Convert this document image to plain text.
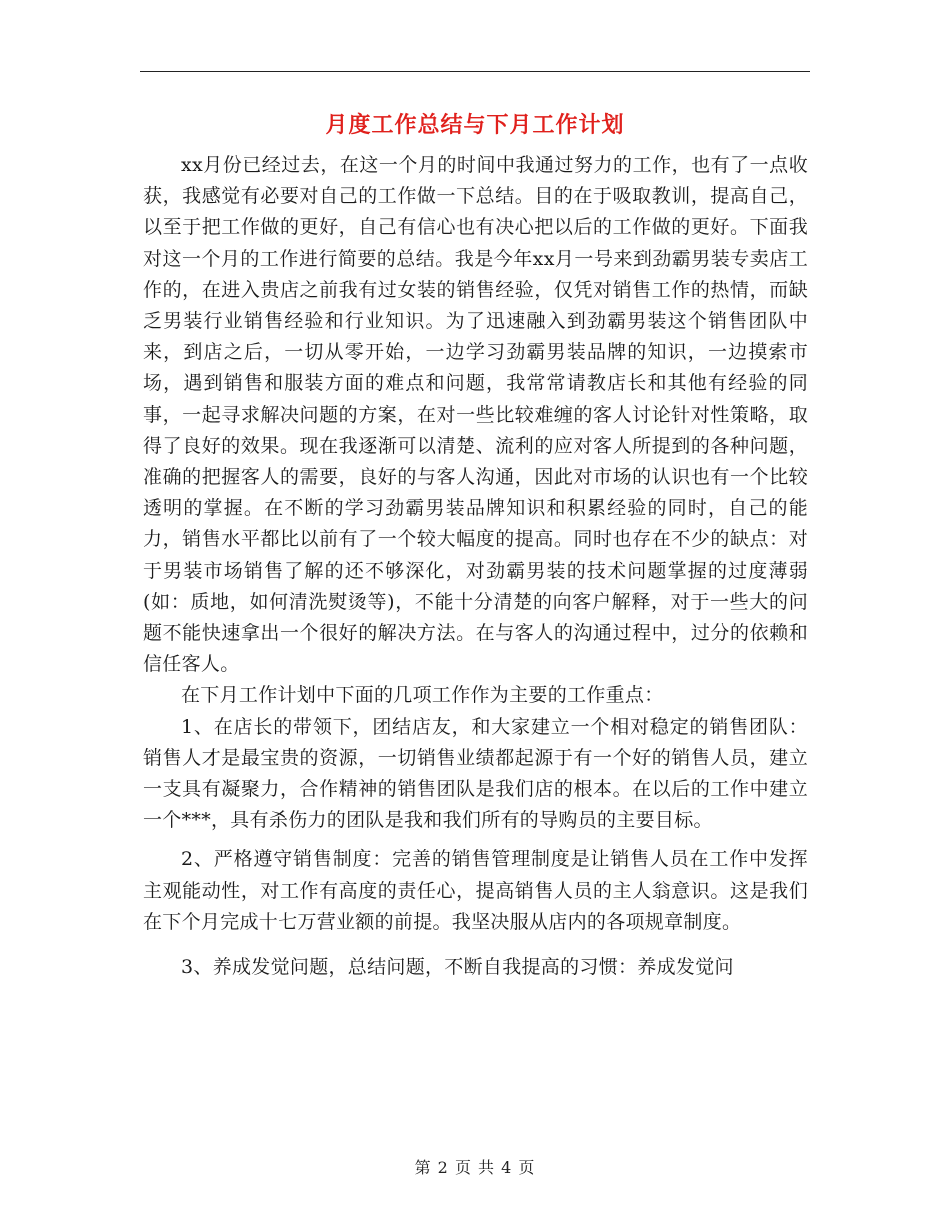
月度工作总结与下月工作计划

xx月份已经过去，在这一个月的时间中我通过努力的工作，也有了一点收获，我感觉有必要对自己的工作做一下总结。目的在于吸取教训，提高自己，以至于把工作做的更好，自己有信心也有决心把以后的工作做的更好。下面我对这一个月的工作进行简要的总结。我是今年xx月一号来到劲霸男装专卖店工作的，在进入贵店之前我有过女装的销售经验，仅凭对销售工作的热情，而缺乏男装行业销售经验和行业知识。为了迅速融入到劲霸男装这个销售团队中来，到店之后，一切从零开始，一边学习劲霸男装品牌的知识，一边摸索市场，遇到销售和服装方面的难点和问题，我常常请教店长和其他有经验的同事，一起寻求解决问题的方案，在对一些比较难缠的客人讨论针对性策略，取得了良好的效果。现在我逐渐可以清楚、流利的应对客人所提到的各种问题，准确的把握客人的需要，良好的与客人沟通，因此对市场的认识也有一个比较透明的掌握。在不断的学习劲霸男装品牌知识和积累经验的同时，自己的能力，销售水平都比以前有了一个较大幅度的提高。同时也存在不少的缺点：对于男装市场销售了解的还不够深化，对劲霸男装的技术问题掌握的过度薄弱(如：质地，如何清洗熨烫等)，不能十分清楚的向客户解释，对于一些大的问题不能快速拿出一个很好的解决方法。在与客人的沟通过程中，过分的依赖和信任客人。

在下月工作计划中下面的几项工作作为主要的工作重点：

1、在店长的带领下，团结店友，和大家建立一个相对稳定的销售团队：销售人才是最宝贵的资源，一切销售业绩都起源于有一个好的销售人员，建立一支具有凝聚力，合作精神的销售团队是我们店的根本。在以后的工作中建立一个***，具有杀伤力的团队是我和我们所有的导购员的主要目标。

2、严格遵守销售制度：完善的销售管理制度是让销售人员在工作中发挥主观能动性，对工作有高度的责任心，提高销售人员的主人翁意识。这是我们在下个月完成十七万营业额的前提。我坚决服从店内的各项规章制度。

3、养成发觉问题，总结问题，不断自我提高的习惯：养成发觉问

第 2 页 共 4 页
